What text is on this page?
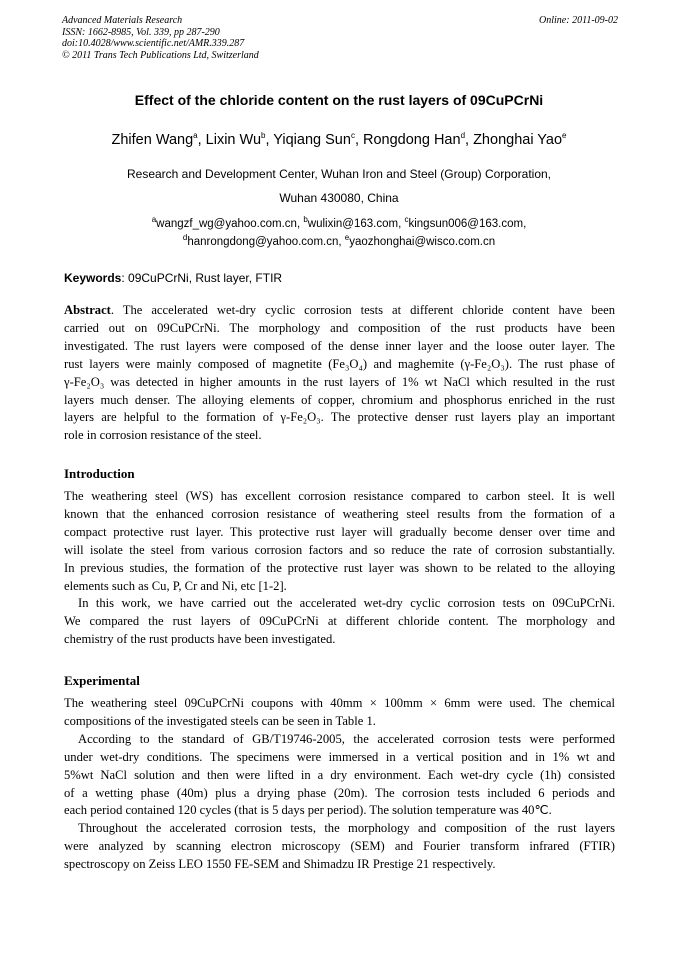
Advanced Materials Research
ISSN: 1662-8985, Vol. 339, pp 287-290
doi:10.4028/www.scientific.net/AMR.339.287
© 2011 Trans Tech Publications Ltd, Switzerland
Online: 2011-09-02
Effect of the chloride content on the rust layers of 09CuPCrNi
Zhifen Wang$^a$, Lixin Wu$^b$, Yiqiang Sun$^c$, Rongdong Han$^d$, Zhonghai Yao$^e$
Research and Development Center, Wuhan Iron and Steel (Group) Corporation,
Wuhan 430080, China
$^a$wangzf_wg@yahoo.com.cn, $^b$wulixin@163.com, $^c$kingsun006@163.com,
$^d$hanrongdong@yahoo.com.cn, $^e$yaozhonghai@wisco.com.cn
Keywords: 09CuPCrNi, Rust layer, FTIR
Abstract. The accelerated wet-dry cyclic corrosion tests at different chloride content have been
carried out on 09CuPCrNi. The morphology and composition of the rust products have been
investigated. The rust layers were composed of the dense inner layer and the loose outer layer. The
rust layers were mainly composed of magnetite (Fe₃O₄) and maghemite (γ-Fe₂O₃). The rust phase of
γ-Fe₂O₃ was detected in higher amounts in the rust layers of 1% wt NaCl which resulted in the rust
layers much denser. The alloying elements of copper, chromium and phosphorus enriched in the rust
layers are helpful to the formation of γ-Fe₂O₃. The protective denser rust layers play an important
role in corrosion resistance of the steel.
Introduction
The weathering steel (WS) has excellent corrosion resistance compared to carbon steel. It is well
known that the enhanced corrosion resistance of weathering steel results from the formation of a
compact protective rust layer. This protective rust layer will gradually become denser over time and
will isolate the steel from various corrosion factors and so reduce the rate of corrosion substantially.
In previous studies, the formation of the protective rust layer was shown to be related to the alloying
elements such as Cu, P, Cr and Ni, etc [1-2].
In this work, we have carried out the accelerated wet-dry cyclic corrosion tests on 09CuPCrNi.
We compared the rust layers of 09CuPCrNi at different chloride content. The morphology and
chemistry of the rust products have been investigated.
Experimental
The weathering steel 09CuPCrNi coupons with 40mm × 100mm × 6mm were used. The chemical
compositions of the investigated steels can be seen in Table 1.
According to the standard of GB/T19746-2005, the accelerated corrosion tests were performed
under wet-dry conditions. The specimens were immersed in a vertical position and in 1% wt and
5%wt NaCl solution and then were lifted in a dry environment. Each wet-dry cycle (1h) consisted
of a wetting phase (40m) plus a drying phase (20m). The corrosion tests included 6 periods and
each period contained 120 cycles (that is 5 days per period). The solution temperature was 40℃.
Throughout the accelerated corrosion tests, the morphology and composition of the rust layers
were analyzed by scanning electron microscopy (SEM) and Fourier transform infrared (FTIR)
spectroscopy on Zeiss LEO 1550 FE-SEM and Shimadzu IR Prestige 21 respectively.
